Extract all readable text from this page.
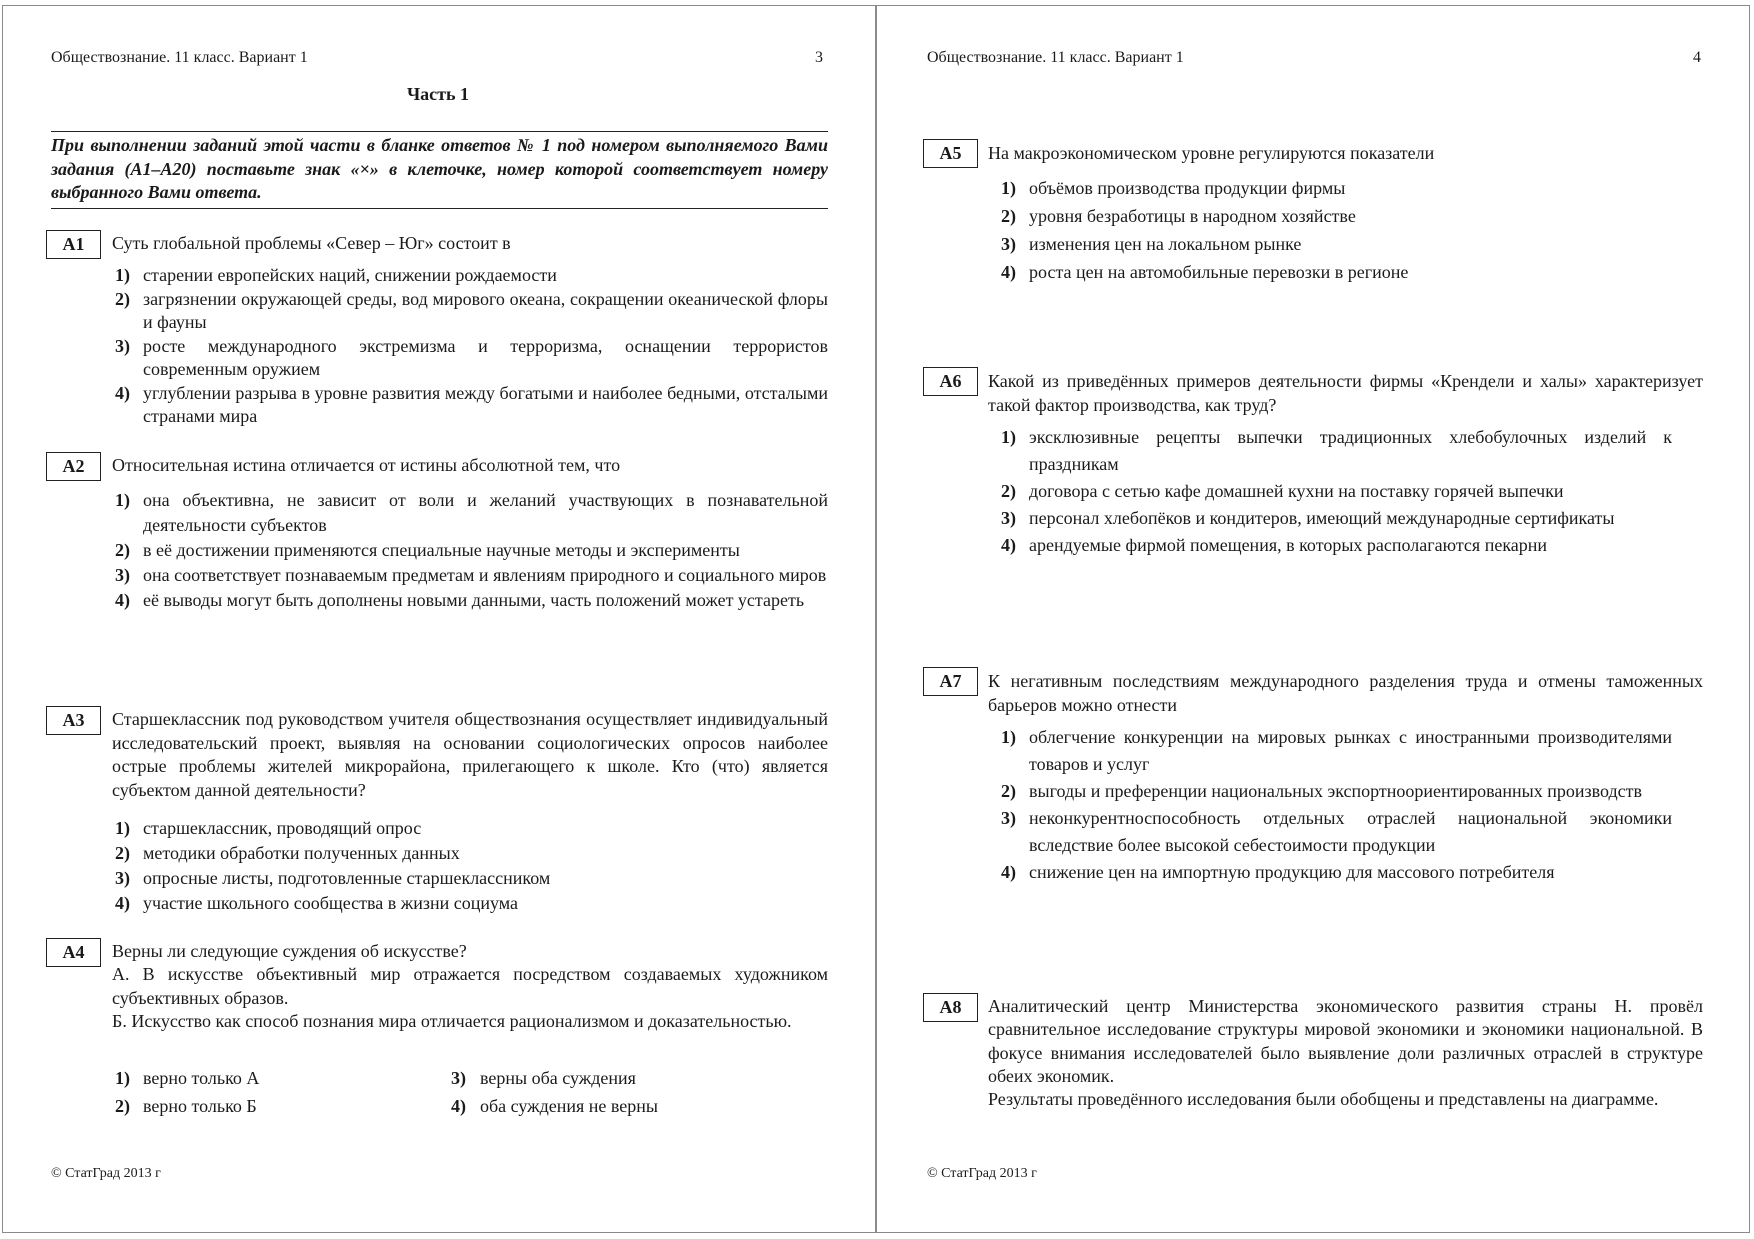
Обществознание. 11 класс. Вариант 1	3
Часть 1
При выполнении заданий этой части в бланке ответов № 1 под номером выполняемого Вами задания (А1–А20) поставьте знак «×» в клеточке, номер которой соответствует номеру выбранного Вами ответа.
© СтатГрад 2013 г
Обществознание. 11 класс. Вариант 1	4
© СтатГрад 2013 г
А1	Суть глобальной проблемы «Север – Юг» состоит в

1) старении европейских наций, снижении рождаемости
2) загрязнении окружающей среды, вод мирового океана, сокращении океанической флоры и фауны
3) росте международного экстремизма и терроризма, оснащении террористов современным оружием
4) углублении разрыва в уровне развития между богатыми и наиболее бедными, отсталыми странами мира
А2	Относительная истина отличается от истины абсолютной тем, что

1) она объективна, не зависит от воли и желаний участвующих в познавательной деятельности субъектов
2) в её достижении применяются специальные научные методы и эксперименты
3) она соответствует познаваемым предметам и явлениям природного и социального миров
4) её выводы могут быть дополнены новыми данными, часть положений может устареть
А3	Старшеклассник под руководством учителя обществознания осуществляет индивидуальный исследовательский проект, выявляя на основании социологических опросов наиболее острые проблемы жителей микрорайона, прилегающего к школе. Кто (что) является субъектом данной деятельности?

1) старшеклассник, проводящий опрос
2) методики обработки полученных данных
3) опросные листы, подготовленные старшеклассником
4) участие школьного сообщества в жизни социума
А4	Верны ли следующие суждения об искусстве?

А. В искусстве объективный мир отражается посредством создаваемых художником субъективных образов.

Б. Искусство как способ познания мира отличается рационализмом и доказательностью.

1) верно только А
2) верно только Б
3) верны оба суждения
4) оба суждения не верны
А5	На макроэкономическом уровне регулируются показатели

1) объёмов производства продукции фирмы
2) уровня безработицы в народном хозяйстве
3) изменения цен на локальном рынке
4) роста цен на автомобильные перевозки в регионе
А6	Какой из приведённых примеров деятельности фирмы «Крендели и халы» характеризует такой фактор производства, как труд?

1) эксклюзивные рецепты выпечки традиционных хлебобулочных изделий к праздникам
2) договора с сетью кафе домашней кухни на поставку горячей выпечки
3) персонал хлебопёков и кондитеров, имеющий международные сертификаты
4) арендуемые фирмой помещения, в которых располагаются пекарни
А7	К негативным последствиям международного разделения труда и отмены таможенных барьеров можно отнести

1) облегчение конкуренции на мировых рынках с иностранными производителями товаров и услуг
2) выгоды и преференции национальных экспортноориентированных производств
3) неконкурентноспособность отдельных отраслей национальной экономики вследствие более высокой себестоимости продукции
4) снижение цен на импортную продукцию для массового потребителя
А8	Аналитический центр Министерства экономического развития страны Н. провёл сравнительное исследование структуры мировой экономики и экономики национальной. В фокусе внимания исследователей было выявление доли различных отраслей в структуре обеих экономик.

Результаты проведённого исследования были обобщены и представлены на диаграмме.
